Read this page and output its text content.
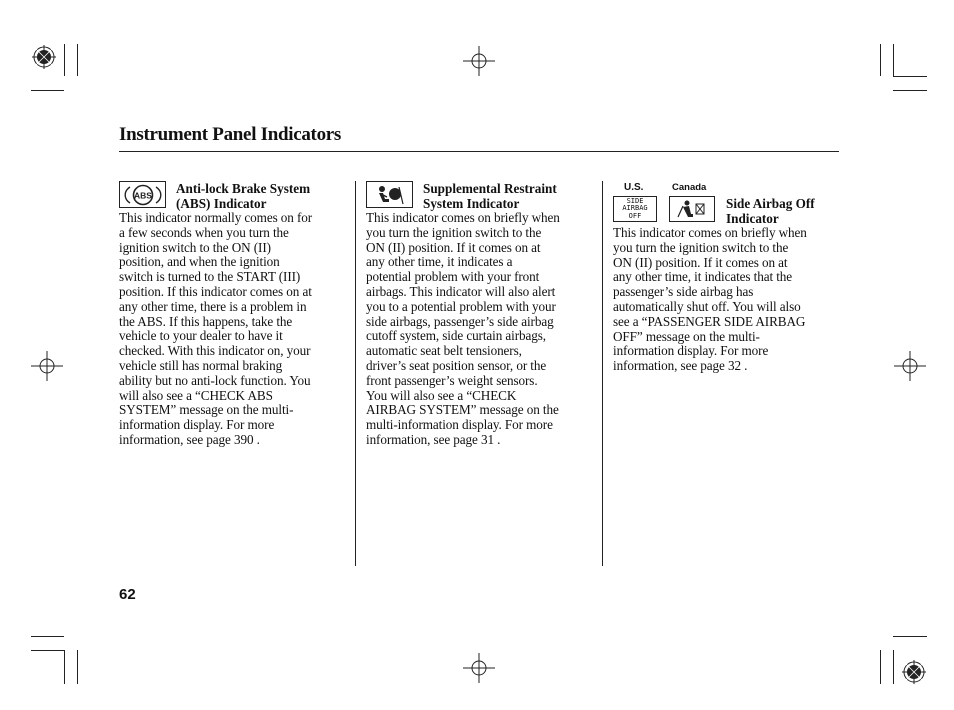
Instrument Panel Indicators
ABS Anti-lock Brake System
(ABS) Indicator
This indicator normally comes on for
a few seconds when you turn the
ignition switch to the ON (II)
position, and when the ignition
switch is turned to the START (III)
position. If this indicator comes on at
any other time, there is a problem in
the ABS. If this happens, take the
vehicle to your dealer to have it
checked. With this indicator on, your
vehicle still has normal braking
ability but no anti-lock function. You
will also see a “CHECK ABS
SYSTEM” message on the multi-
information display. For more
information, see page 390 .
Supplemental Restraint
System Indicator
This indicator comes on briefly when
you turn the ignition switch to the
ON (II) position. If it comes on at
any other time, it indicates a
potential problem with your front
airbags. This indicator will also alert
you to a potential problem with your
side airbags, passenger’s side airbag
cutoff system, side curtain airbags,
automatic seat belt tensioners,
driver’s seat position sensor, or the
front passenger’s weight sensors.
You will also see a “CHECK
AIRBAG SYSTEM” message on the
multi-information display. For more
information, see page 31 .
U.S.	Canada
SIDE
AIRBAG
OFF
Side Airbag Off
Indicator
This indicator comes on briefly when
you turn the ignition switch to the
ON (II) position. If it comes on at
any other time, it indicates that the
passenger’s side airbag has
automatically shut off. You will also
see a “PASSENGER SIDE AIRBAG
OFF” message on the multi-
information display. For more
information, see page 32 .
62
